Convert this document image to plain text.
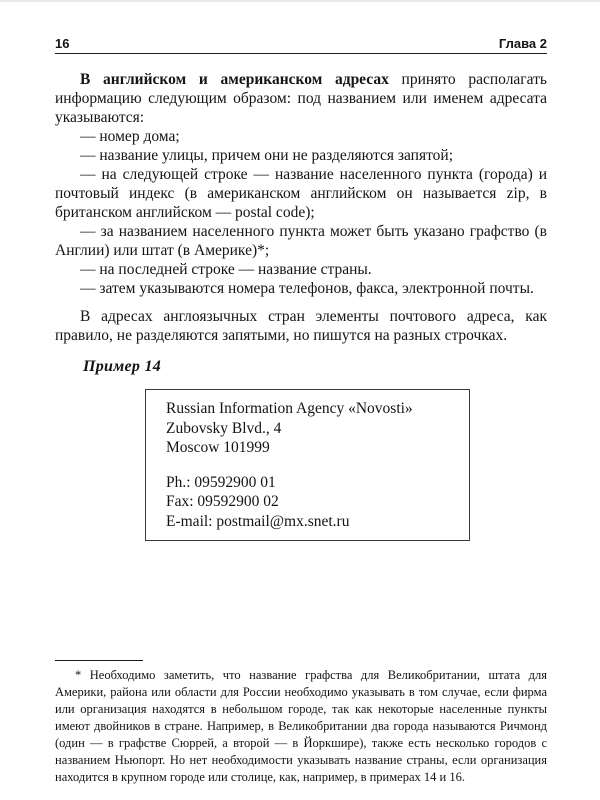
16	Глава 2

В английском и американском адресах принято располагать информацию следующим образом: под названием или именем адресата указываются:

— номер дома;

— название улицы, причем они не разделяются запятой;

— на следующей строке — название населенного пункта (города) и почтовый индекс (в американском английском он называется zip, в британском английском — postal code);

— за названием населенного пункта может быть указано графство (в Англии) или штат (в Америке)*;

— на последней строке — название страны.

— затем указываются номера телефонов, факса, электронной почты.

В адресах англоязычных стран элементы почтового адреса, как правило, не разделяются запятыми, но пишутся на разных строчках.

Пример 14
Russian Information Agency «Novosti»
Zubovsky Blvd., 4
Moscow 101999
Ph.: 09592900 01
Fax: 09592900 02
E-mail: postmail@mx.snet.ru

* Необходимо заметить, что название графства для Великобритании, штата для Америки, района или области для России необходимо указывать в том случае, если фирма или организация находятся в небольшом городе, так как некоторые населенные пункты имеют двойников в стране. Например, в Великобритании два города называются Ричмонд (один — в графстве Сюррей, а второй — в Йоркшире), также есть несколько городов с названием Ньюпорт. Но нет необходимости указывать название страны, если организация находится в крупном городе или столице, как, например, в примерах 14 и 16.
